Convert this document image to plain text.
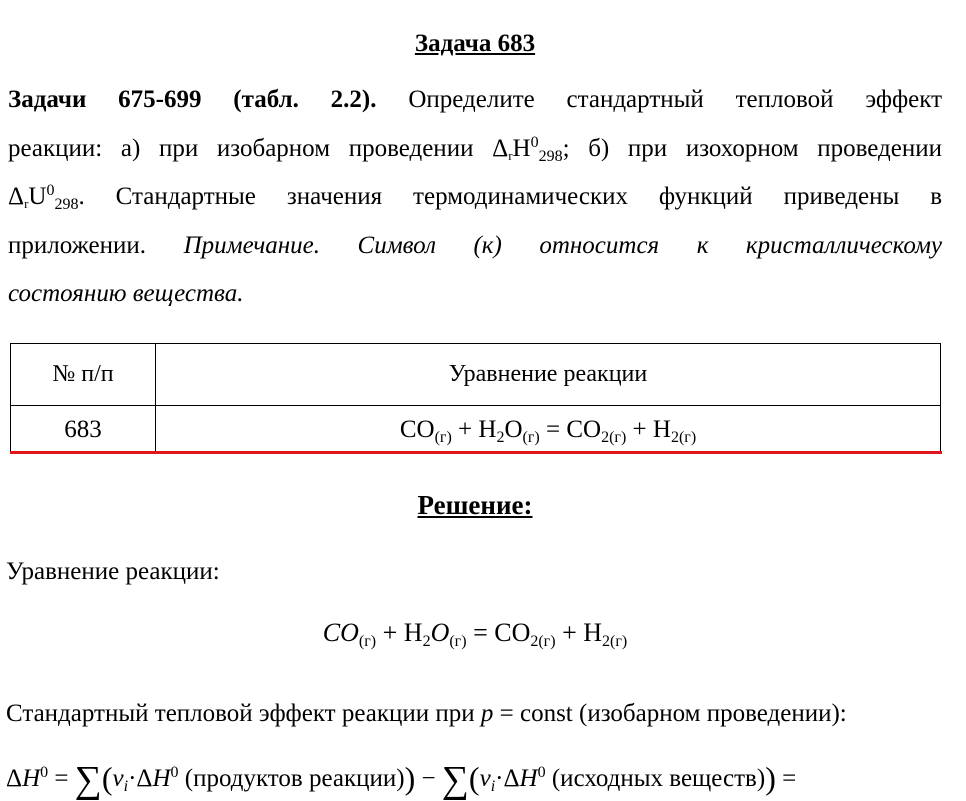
Задача 683
Задачи 675-699 (табл. 2.2). Определите стандартный тепловой эффект
реакции: а) при изобарном проведении $\Delta_rH^0_{298}$; б) при изохорном проведении
$\Delta_rU^0_{298}$. Стандартные значения термодинамических функций приведены в
приложении. Примечание. Символ (к) относится к кристаллическому
состоянию вещества.
№ п/п	Уравнение реакции
683	$CO_{(г)} + H_2O_{(г)} = CO_{2(г)} + H_{2(г)}$
Решение:
Уравнение реакции:
$CO_{(г)} + H_2O_{(г)} = CO_{2(г)} + H_{2(г)}$
Стандартный тепловой эффект реакции при p = const (изобарном проведении):
$\Delta H^0 = \sum(\nu_i\cdot\Delta H^0$ (продуктов реакции)) − $\sum(\nu_i\cdot\Delta H^0$ (исходных веществ)) =
